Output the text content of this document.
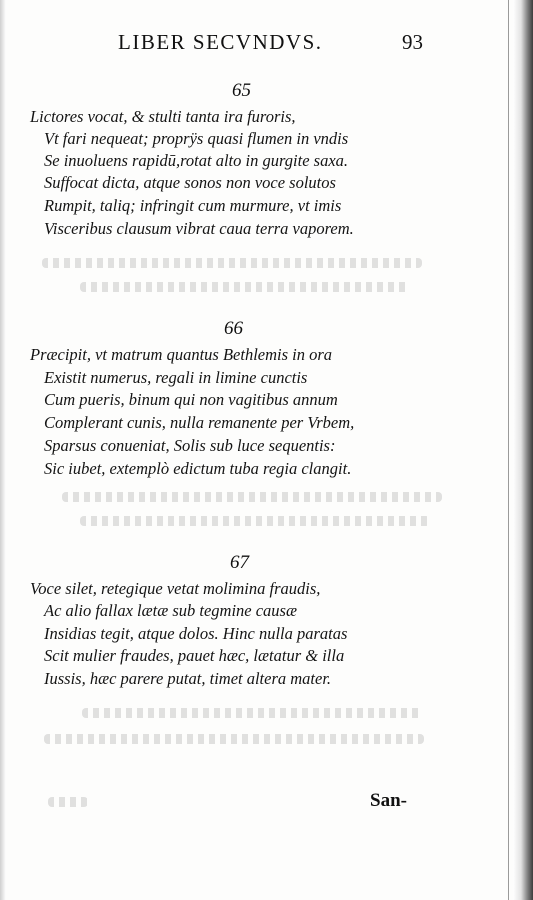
LIBER SECVNDVS.	93
65
Lictores vocat, & stulti tanta ira furoris,
Vt fari nequeat; proprÿs quasi flumen in vndis
Se inuoluens rapidū,rotat alto in gurgite saxa.
Suffocat dicta, atque sonos non voce solutos
Rumpit, taliq; infringit cum murmure, vt imis
Visceribus clausum vibrat caua terra vaporem.
66
Præcipit, vt matrum quantus Bethlemis in ora
Existit numerus, regali in limine cunctis
Cum pueris, binum qui non vagitibus annum
Complerant cunis, nulla remanente per Vrbem,
Sparsus conueniat, Solis sub luce sequentis:
Sic iubet, extemplò edictum tuba regia clangit.
67
Voce silet, retegique vetat molimina fraudis,
Ac alio fallax lætæ sub tegmine causæ
Insidias tegit, atque dolos. Hinc nulla paratas
Scit mulier fraudes, pauet hæc, lætatur & illa
Iussis, hæc parere putat, timet altera mater.
San-
